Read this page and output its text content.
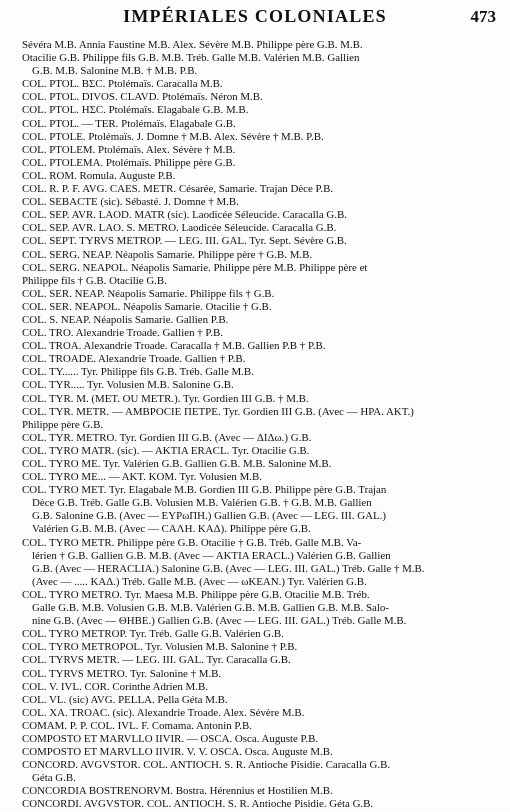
IMPÉRIALES COLONIALES	473
Sévéra M.B. Annia Faustine M.B. Alex. Sévère M.B. Philippe père G.B. M.B.
Otacilie G.B. Philippe fils G.B. M.B. Tréb. Galle M.B. Valérien M.B. Gallien
G.B. M.B. Salonine M.B. † M.B. P.B.
COL. PTOL. BΣC. Ptolémaïs. Caracalla M.B.
COL. PTOL. DIVOS. CLAVD. Ptolémaïs. Néron M.B.
COL. PTOL. HΣC. Ptolémaïs. Elagabale G.B. M.B.
COL. PTOL. — TER. Ptolémaïs. Elagabale G.B.
COL. PTOLE. Ptolémaïs. J. Domne † M.B. Alex. Sévère † M.B. P.B.
COL. PTOLEM. Ptolémaïs. Alex. Sévère † M.B.
COL. PTOLEMA. Ptolémaïs. Philippe père G.B.
COL. ROM. Romula. Auguste P.B.
COL. R. P. F. AVG. CAES. METR. Césarée, Samarie. Trajan Dèce P.B.
COL. SEBACTE (sic). Sébasté. J. Domne † M.B.
COL. SEP. AVR. LAOD. MATR (sic). Laodicée Séleucide. Caracalla G.B.
COL. SEP. AVR. LAO. S. METRO. Laodicée Séleucide. Caracalla G.B.
COL. SEPT. TYRVS METROP. — LEG. III. GAL. Tyr. Sept. Sévère G.B.
COL. SERG. NEAP. Néapolis Samarie. Philippe père † G.B. M.B.
COL. SERG. NEAPOL. Néapolis Samarie. Philippe père M.B. Philippe père et
Philippe fils † G.B. Otacilie G.B.
COL. SER. NEAP. Néapolis Samarie. Philippe fils † G.B.
COL. SER. NEAPOL. Néapolis Samarie. Otacilie † G.B.
COL. S. NEAP. Néapolis Samarie. Gallien P.B.
COL. TRO. Alexandrie Troade. Gallien † P.B.
COL. TROA. Alexandrie Troade. Caracalla † M.B. Gallien P.B † P.B.
COL. TROADE. Alexandrie Troade. Gallien † P.B.
COL. TY...... Tyr. Philippe fils G.B. Tréb. Galle M.B.
COL. TYR..... Tyr. Volusien M.B. Salonine G.B.
COL. TYR. M. (MET. OU METR.). Tyr. Gordien III G.B. † M.B.
COL. TYR. METR. — AMBPOCIE ПETPE. Tyr. Gordien III G.B. (Avec — HPA. AKT.)
Philippe père G.B.
COL. TYR. METRO. Tyr. Gordien III G.B. (Avec — ΔIΔω.) G.B.
COL. TYRO MATR. (sic). — AKTIA ERACL. Tyr. Otacilie G.B.
COL. TYRO ME. Tyr. Valérien G.B. Gallien G.B. M.B. Salonine M.B.
COL. TYRO ME... — AKT. KOM. Tyr. Volusien M.B.
COL. TYRO MET. Tyr. Elagabale M.B. Gordien III G.B. Philippe père G.B. Trajan
Dèce G.B. Tréb. Galle G.B. Volusien M.B. Valérien G.B. † G.B. M.B. Gallien
G.B. Salonine G.B. (Avec — EYPωΠH.) Gallien G.B. (Avec — LEG. III. GAL.)
Valérien G.B. M.B. (Avec — CAΛH. KAΔ). Philippe père G.B.
COL. TYRO METR. Philippe père G.B. Otacilie † G.B. Tréb. Galle M.B. Va-
lérien † G.B. Gallien G.B. M.B. (Avec — AKTIA ERACL.) Valérien G.B. Gallien
G.B. (Avec — HERACLIA.) Salonine G.B. (Avec — LEG. III. GAL.) Tréb. Galle † M.B.
(Avec — ..... KAΔ.) Tréb. Galle M.B. (Avec — ωKEAN.) Tyr. Valérien G.B.
COL. TYRO METRO. Tyr. Maesa M.B. Philippe père G.B. Otacilie M.B. Tréb.
Galle G.B. M.B. Volusien G.B. M.B. Valérien G.B. M.B. Gallien G.B. M.B. Salo-
nine G.B. (Avec — ΘHBE.) Gallien G.B. (Avec — LEG. III. GAL.) Tréb. Galle M.B.
COL. TYRO METROP. Tyr. Tréb. Galle G.B. Valérien G.B.
COL. TYRO METROPOL. Tyr. Volusien M.B. Salonine † P.B.
COL. TYRVS METR. — LEG. III. GAL. Tyr. Caracalla G.B.
COL. TYRVS METRO. Tyr. Salonine † M.B.
COL. V. IVL. COR. Corinthe Adrien M.B.
COL. VL. (sic) AVG. PELLA. Pella Géta M.B.
COL. XA. TROAC. (sic). Alexandrie Troade. Alex. Sévère M.B.
COMAM. P. P. COL. IVL. F. Comama. Antonin P.B.
COMPOSTO ET MARVLLO IIVIR. — OSCA. Osca. Auguste P.B.
COMPOSTO ET MARVLLO IIVIR. V. V. OSCA. Osca. Auguste M.B.
CONCORD. AVGVSTOR. COL. ANTIOCH. S. R. Antioche Pisidie. Caracalla G.B.
Géta G.B.
CONCORDIA BOSTRENORVM. Bostra. Hérennius et Hostilien M.B.
CONCORDI. AVGVSTOR. COL. ANTIOCH. S. R. Antioche Pisidie. Géta G.B.
